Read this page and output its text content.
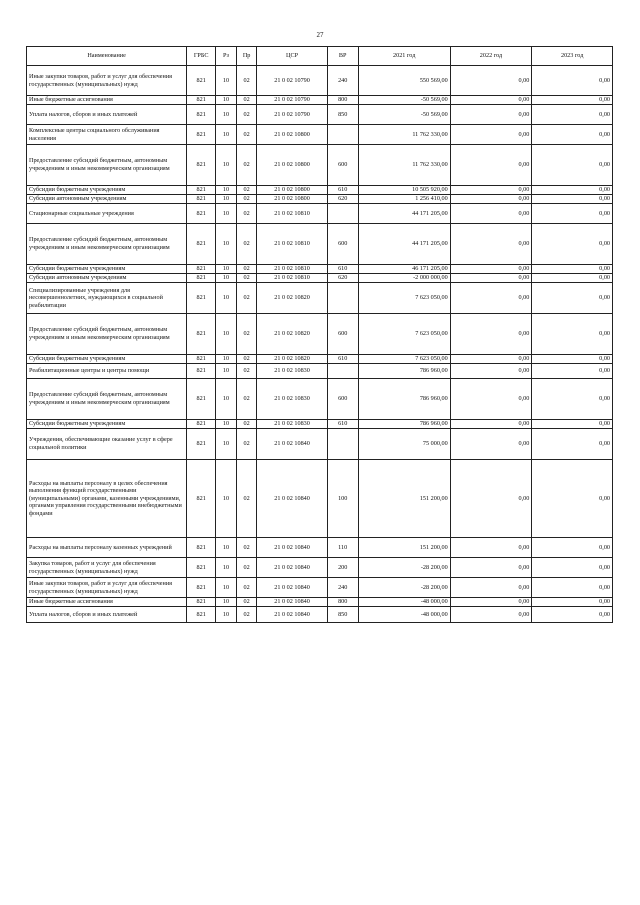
27
Наименование	ГРБС	Рз	Пр	ЦСР	ВР	2021 год	2022 год	2023 год
Иные закупки товаров, работ и услуг для обеспечения государственных (муниципальных) нужд	821	10	02	21 0 02 10790	240	550 569,00	0,00	0,00
Иные бюджетные ассигнования	821	10	02	21 0 02 10790	800	-50 569,00	0,00	0,00
Уплата налогов, сборов и иных платежей	821	10	02	21 0 02 10790	850	-50 569,00	0,00	0,00
Комплексные центры социального обслуживания населения	821	10	02	21 0 02 10800		11 762 330,00	0,00	0,00
Предоставление субсидий бюджетным, автономным учреждениям и иным некоммерческим организациям	821	10	02	21 0 02 10800	600	11 762 330,00	0,00	0,00
Субсидии бюджетным учреждениям	821	10	02	21 0 02 10800	610	10 505 920,00	0,00	0,00
Субсидии автономным учреждениям	821	10	02	21 0 02 10800	620	1 256 410,00	0,00	0,00
Стационарные социальные учреждения	821	10	02	21 0 02 10810		44 171 205,00	0,00	0,00
Предоставление субсидий бюджетным, автономным учреждениям и иным некоммерческим организациям	821	10	02	21 0 02 10810	600	44 171 205,00	0,00	0,00
Субсидии бюджетным учреждениям	821	10	02	21 0 02 10810	610	46 171 205,00	0,00	0,00
Субсидии автономным учреждениям	821	10	02	21 0 02 10810	620	-2 000 000,00	0,00	0,00
Специализированные учреждения для несовершеннолетних, нуждающихся в социальной реабилитации	821	10	02	21 0 02 10820		7 623 050,00	0,00	0,00
Предоставление субсидий бюджетным, автономным учреждениям и иным некоммерческим организациям	821	10	02	21 0 02 10820	600	7 623 050,00	0,00	0,00
Субсидии бюджетным учреждениям	821	10	02	21 0 02 10820	610	7 623 050,00	0,00	0,00
Реабилитационные центры и центры помощи	821	10	02	21 0 02 10830		786 960,00	0,00	0,00
Предоставление субсидий бюджетным, автономным учреждениям и иным некоммерческим организациям	821	10	02	21 0 02 10830	600	786 960,00	0,00	0,00
Субсидии бюджетным учреждениям	821	10	02	21 0 02 10830	610	786 960,00	0,00	0,00
Учреждения, обеспечивающие оказание услуг в сфере социальной политики	821	10	02	21 0 02 10840		75 000,00	0,00	0,00
Расходы на выплаты персоналу в целях обеспечения выполнения функций государственными (муниципальными) органами, казенными учреждениями, органами управления государственными внебюджетными фондами	821	10	02	21 0 02 10840	100	151 200,00	0,00	0,00
Расходы на выплаты персоналу казенных учреждений	821	10	02	21 0 02 10840	110	151 200,00	0,00	0,00
Закупка товаров, работ и услуг для обеспечения государственных (муниципальных) нужд	821	10	02	21 0 02 10840	200	-28 200,00	0,00	0,00
Иные закупки товаров, работ и услуг для обеспечения государственных (муниципальных) нужд	821	10	02	21 0 02 10840	240	-28 200,00	0,00	0,00
Иные бюджетные ассигнования	821	10	02	21 0 02 10840	800	-48 000,00	0,00	0,00
Уплата налогов, сборов и иных платежей	821	10	02	21 0 02 10840	850	-48 000,00	0,00	0,00
